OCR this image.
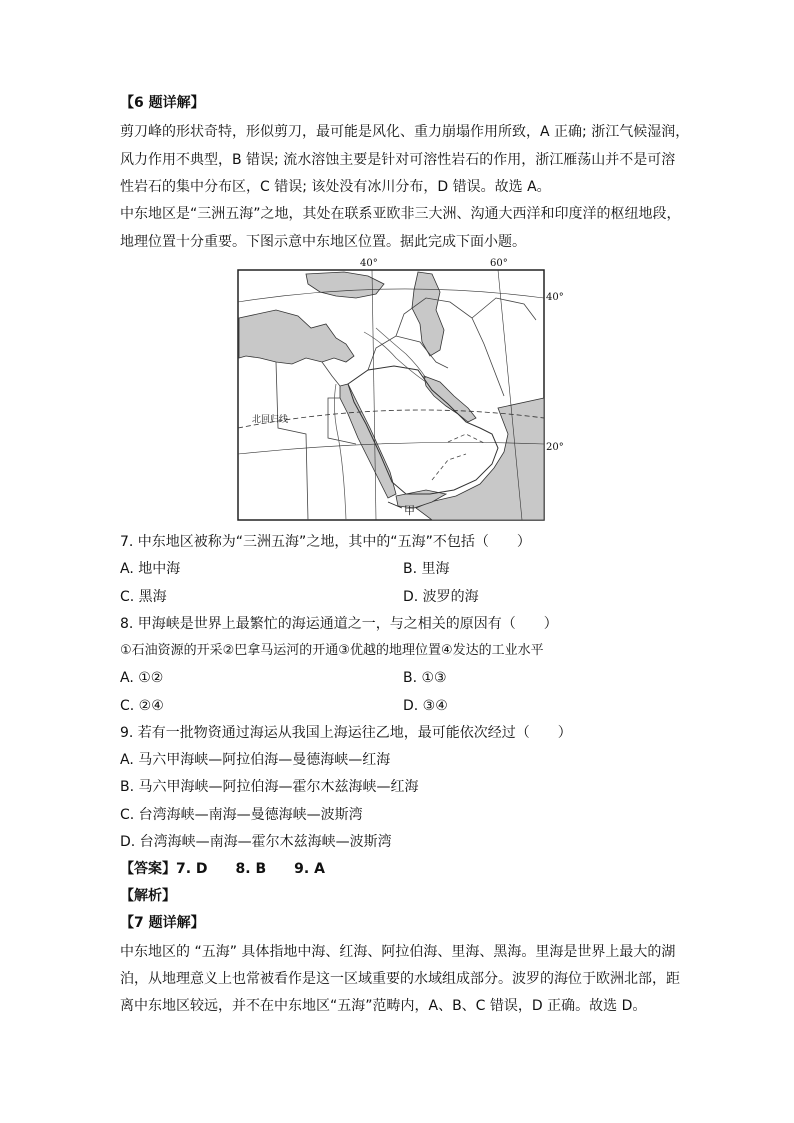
【6 题详解】
剪刀峰的形状奇特，形似剪刀，最可能是风化、重力崩塌作用所致，A 正确; 浙江气候湿润，
风力作用不典型，B 错误; 流水溶蚀主要是针对可溶性岩石的作用，浙江雁荡山并不是可溶
性岩石的集中分布区，C 错误; 该处没有冰川分布，D 错误。故选 A。
中东地区是“三洲五海”之地，其处在联系亚欧非三大洲、沟通大西洋和印度洋的枢纽地段，
地理位置十分重要。下图示意中东地区位置。据此完成下面小题。
40°	60°
40°
20°
北回归线
甲
7. 中东地区被称为“三洲五海”之地，其中的“五海”不包括（　　）
A. 地中海	B. 里海
C. 黑海	D. 波罗的海
8. 甲海峡是世界上最繁忙的海运通道之一，与之相关的原因有（　　）
①石油资源的开采②巴拿马运河的开通③优越的地理位置④发达的工业水平
A. ①②	B. ①③
C. ②④	D. ③④
9. 若有一批物资通过海运从我国上海运往乙地，最可能依次经过（　　）
A. 马六甲海峡—阿拉伯海—曼德海峡—红海
B. 马六甲海峡—阿拉伯海—霍尔木兹海峡—红海
C. 台湾海峡—南海—曼德海峡—波斯湾
D. 台湾海峡—南海—霍尔木兹海峡—波斯湾
【答案】7. D　　8. B　　9. A
【解析】
【7 题详解】
中东地区的 “五海” 具体指地中海、红海、阿拉伯海、里海、黑海。里海是世界上最大的湖
泊，从地理意义上也常被看作是这一区域重要的水域组成部分。波罗的海位于欧洲北部，距
离中东地区较远，并不在中东地区“五海”范畴内，A、B、C 错误，D 正确。故选 D。
